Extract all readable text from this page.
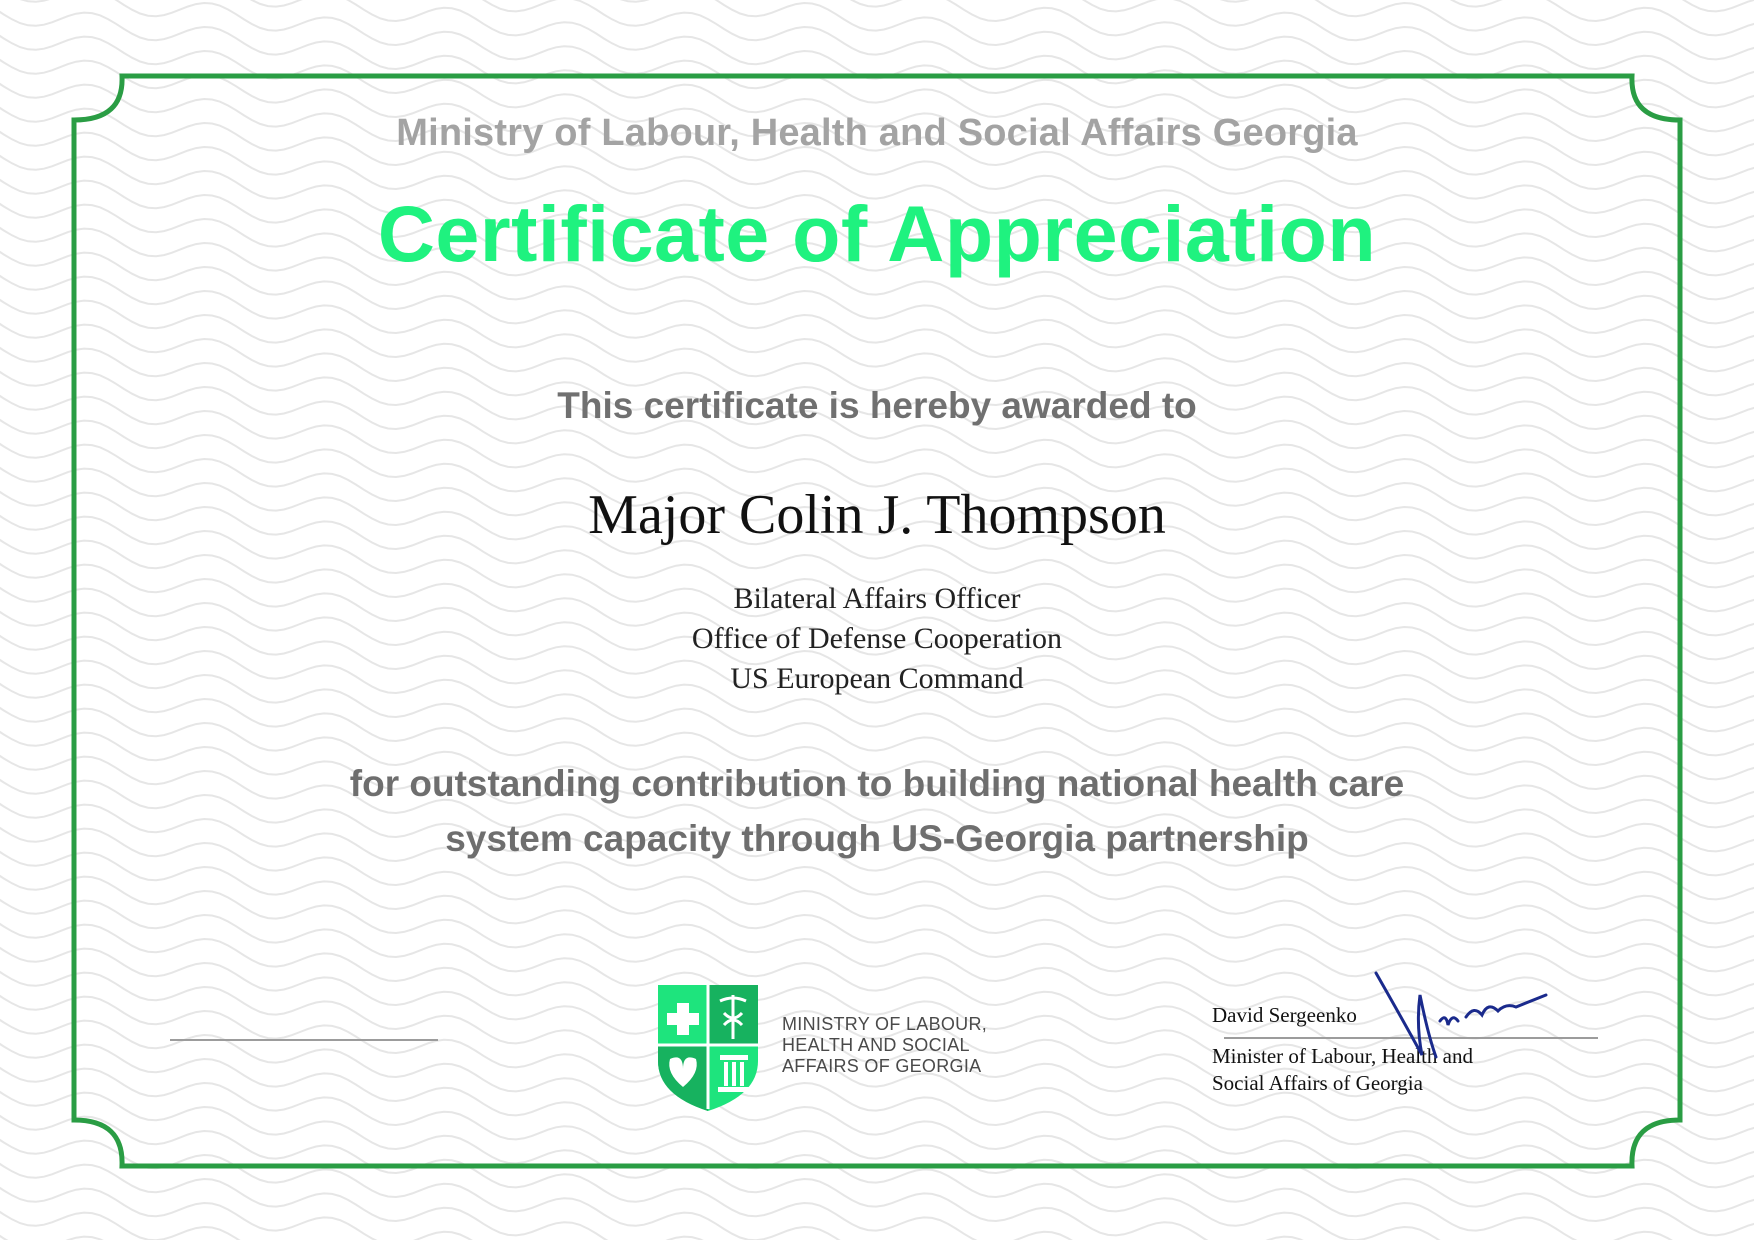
Ministry of Labour, Health and Social Affairs Georgia
Certificate of Appreciation
This certificate is hereby awarded to
Major Colin J. Thompson
Bilateral Affairs Officer
Office of Defense Cooperation
US European Command
for outstanding contribution to building national health care
system capacity through US-Georgia partnership
MINISTRY OF LABOUR,
HEALTH AND SOCIAL
AFFAIRS OF GEORGIA
David Sergeenko
Minister of Labour, Health and
Social Affairs of Georgia
